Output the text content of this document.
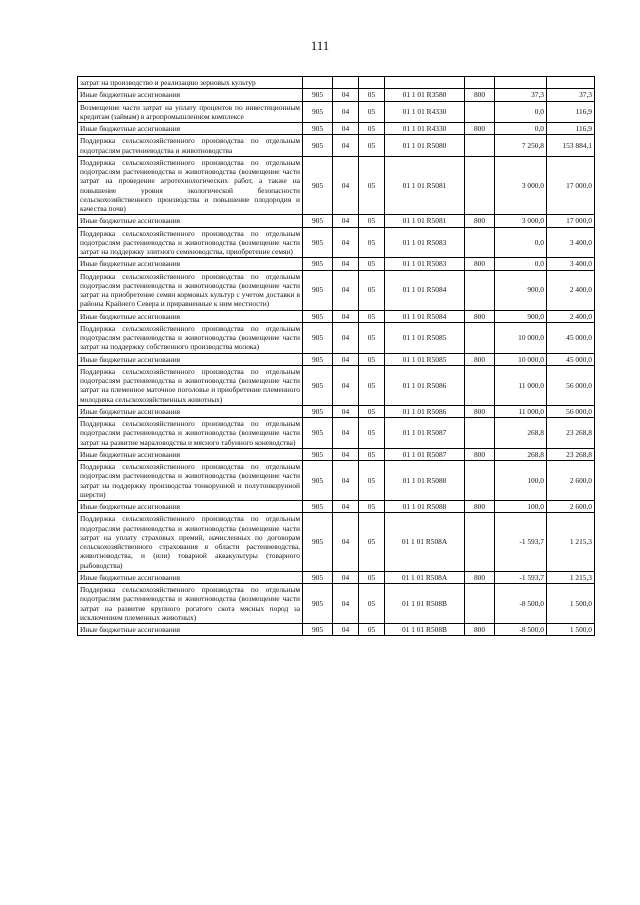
111
затрат на производство и реализацию зерновых культур							
Иные бюджетные ассигнования	905	04	05	01 1 01 R3580	800	37,3	37,3
Возмещение части затрат на уплату процентов по инвестиционным кредитам (займам) в агропромышленном комплексе	905	04	05	01 1 01 R4330		0,0	116,9
Иные бюджетные ассигнования	905	04	05	01 1 01 R4330	800	0,0	116,9
Поддержка сельскохозяйственного производства по отдельным подотраслям растениеводства и животноводства	905	04	05	01 1 01 R5080		7 250,8	153 884,1
Поддержка сельскохозяйственного производства по отдельным подотраслям растениеводства и животноводства (возмещение части затрат на проведение агротехнологических работ, а также на повышение уровня экологической безопасности сельскохозяйственного производства и повышение плодородия и качества почв)	905	04	05	01 1 01 R5081		3 000,0	17 000,0
Иные бюджетные ассигнования	905	04	05	01 1 01 R5081	800	3 000,0	17 000,0
Поддержка сельскохозяйственного производства по отдельным подотраслям растениеводства и животноводства (возмещение части затрат на поддержку элитного семеноводства, приобретение семян)	905	04	05	01 1 01 R5083		0,0	3 400,0
Иные бюджетные ассигнования	905	04	05	01 1 01 R5083	800	0,0	3 400,0
Поддержка сельскохозяйственного производства по отдельным подотраслям растениеводства и животноводства (возмещение части затрат на приобретение семян кормовых культур с учетом доставки в районы Крайнего Севера и приравненные к ним местности)	905	04	05	01 1 01 R5084		900,0	2 400,0
Иные бюджетные ассигнования	905	04	05	01 1 01 R5084	800	900,0	2 400,0
Поддержка сельскохозяйственного производства по отдельным подотраслям растениеводства и животноводства (возмещение части затрат на поддержку собственного производства молока)	905	04	05	01 1 01 R5085		10 000,0	45 000,0
Иные бюджетные ассигнования	905	04	05	01 1 01 R5085	800	10 000,0	45 000,0
Поддержка сельскохозяйственного производства по отдельным подотраслям растениеводства и животноводства (возмещение части затрат на племенное маточное поголовье и приобретение племенного молодняка сельскохозяйственных животных)	905	04	05	01 1 01 R5086		11 000,0	56 000,0
Иные бюджетные ассигнования	905	04	05	01 1 01 R5086	800	11 000,0	56 000,0
Поддержка сельскохозяйственного производства по отдельным подотраслям растениеводства и животноводства (возмещение части затрат на развитие мараловодства и мясного табунного коневодства)	905	04	05	01 1 01 R5087		268,8	23 268,8
Иные бюджетные ассигнования	905	04	05	01 1 01 R5087	800	268,8	23 268,8
Поддержка сельскохозяйственного производства по отдельным подотраслям растениеводства и животноводства (возмещение части затрат на поддержку производства тонкорунной и полутонкорунной шерсти)	905	04	05	01 1 01 R5088		100,0	2 600,0
Иные бюджетные ассигнования	905	04	05	01 1 01 R5088	800	100,0	2 600,0
Поддержка сельскохозяйственного производства по отдельным подотраслям растениеводства и животноводства (возмещение части затрат на уплату страховых премий, начисленных по договорам сельскохозяйственного страхования в области растениеводства, животноводства, и (или) товарной аквакультуры (товарного рыбоводства)	905	04	05	01 1 01 R508A		-1 593,7	1 215,3
Иные бюджетные ассигнования	905	04	05	01 1 01 R508A	800	-1 593,7	1 215,3
Поддержка сельскохозяйственного производства по отдельным подотраслям растениеводства и животноводства (возмещение части затрат на развитие крупного рогатого скота мясных пород за исключением племенных животных)	905	04	05	01 1 01 R508B		-8 500,0	1 500,0
Иные бюджетные ассигнования	905	04	05	01 1 01 R508B	800	-8 500,0	1 500,0
